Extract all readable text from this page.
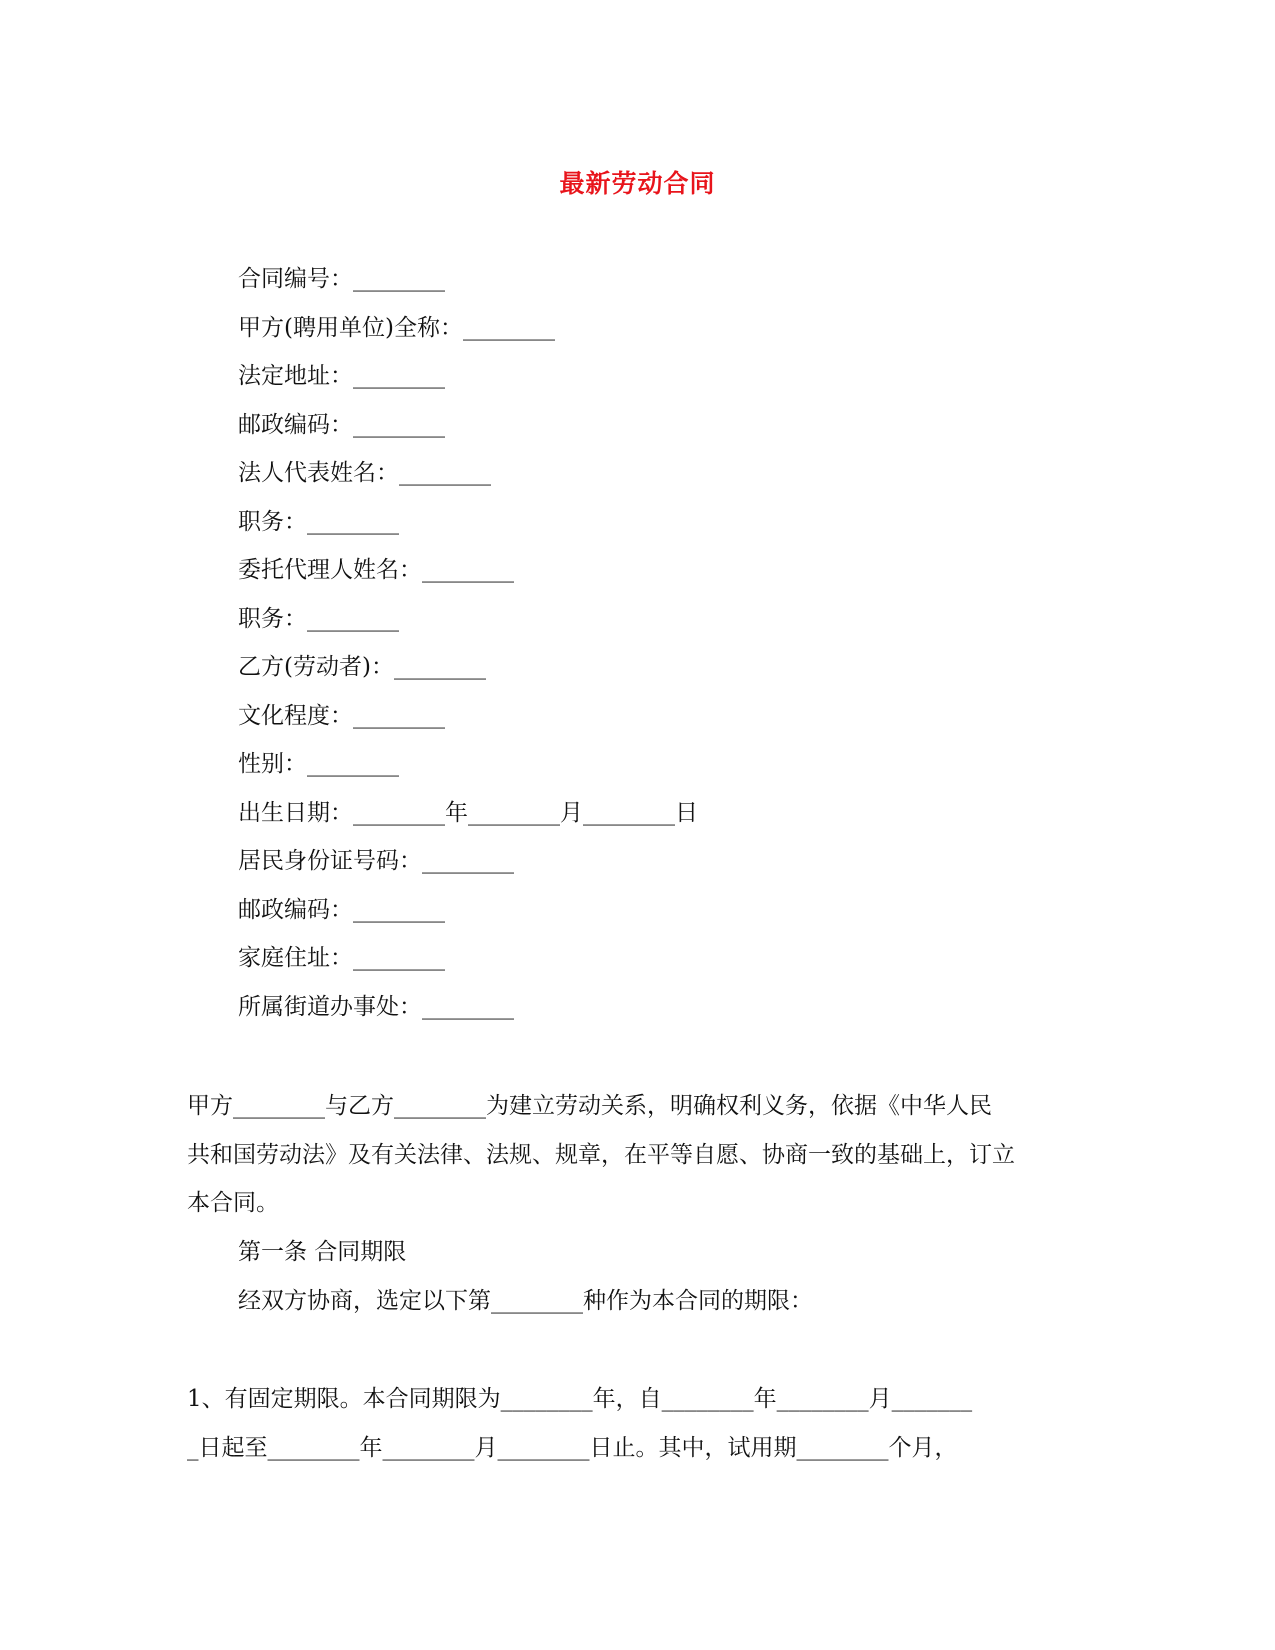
最新劳动合同
合同编号：________
甲方(聘用单位)全称：________
法定地址：________
邮政编码：________
法人代表姓名：________
职务：________
委托代理人姓名：________
职务：________
乙方(劳动者)：________
文化程度：________
性别：________
出生日期：________年________月________日
居民身份证号码：________
邮政编码：________
家庭住址：________
所属街道办事处：________
甲方________与乙方________为建立劳动关系，明确权利义务，依据《中华人民
共和国劳动法》及有关法律、法规、规章，在平等自愿、协商一致的基础上，订立
本合同。
第一条 合同期限
经双方协商，选定以下第________种作为本合同的期限：
1、有固定期限。本合同期限为________年，自________年________月_______
_日起至________年________月________日止。其中，试用期________个月，
